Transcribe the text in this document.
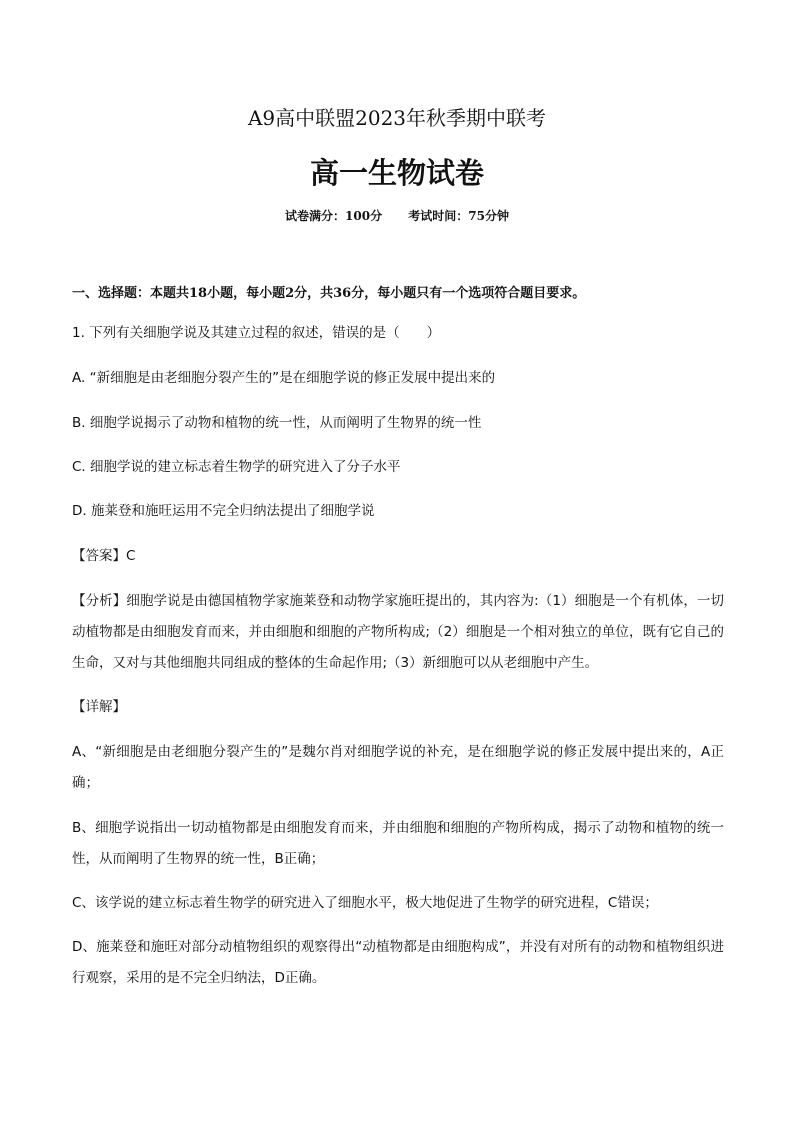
A9高中联盟2023年秋季期中联考
高一生物试卷
试卷满分：100分 考试时间：75分钟
一、选择题：本题共18小题，每小题2分，共36分，每小题只有一个选项符合题目要求。
1. 下列有关细胞学说及其建立过程的叙述，错误的是（　　）
A. “新细胞是由老细胞分裂产生的”是在细胞学说的修正发展中提出来的
B. 细胞学说揭示了动物和植物的统一性，从而阐明了生物界的统一性
C. 细胞学说的建立标志着生物学的研究进入了分子水平
D. 施莱登和施旺运用不完全归纳法提出了细胞学说
【答案】C
【分析】细胞学说是由德国植物学家施莱登和动物学家施旺提出的，其内容为:（1）细胞是一个有机体，一切动植物都是由细胞发育而来，并由细胞和细胞的产物所构成;（2）细胞是一个相对独立的单位，既有它自己的生命，又对与其他细胞共同组成的整体的生命起作用;（3）新细胞可以从老细胞中产生。
【详解】
A、“新细胞是由老细胞分裂产生的”是魏尔肖对细胞学说的补充，是在细胞学说的修正发展中提出来的，A正确；
B、细胞学说指出一切动植物都是由细胞发育而来，并由细胞和细胞的产物所构成，揭示了动物和植物的统一性，从而阐明了生物界的统一性，B正确；
C、该学说的建立标志着生物学的研究进入了细胞水平，极大地促进了生物学的研究进程，C错误；
D、施莱登和施旺对部分动植物组织的观察得出“动植物都是由细胞构成”，并没有对所有的动物和植物组织进行观察，采用的是不完全归纳法，D正确。
